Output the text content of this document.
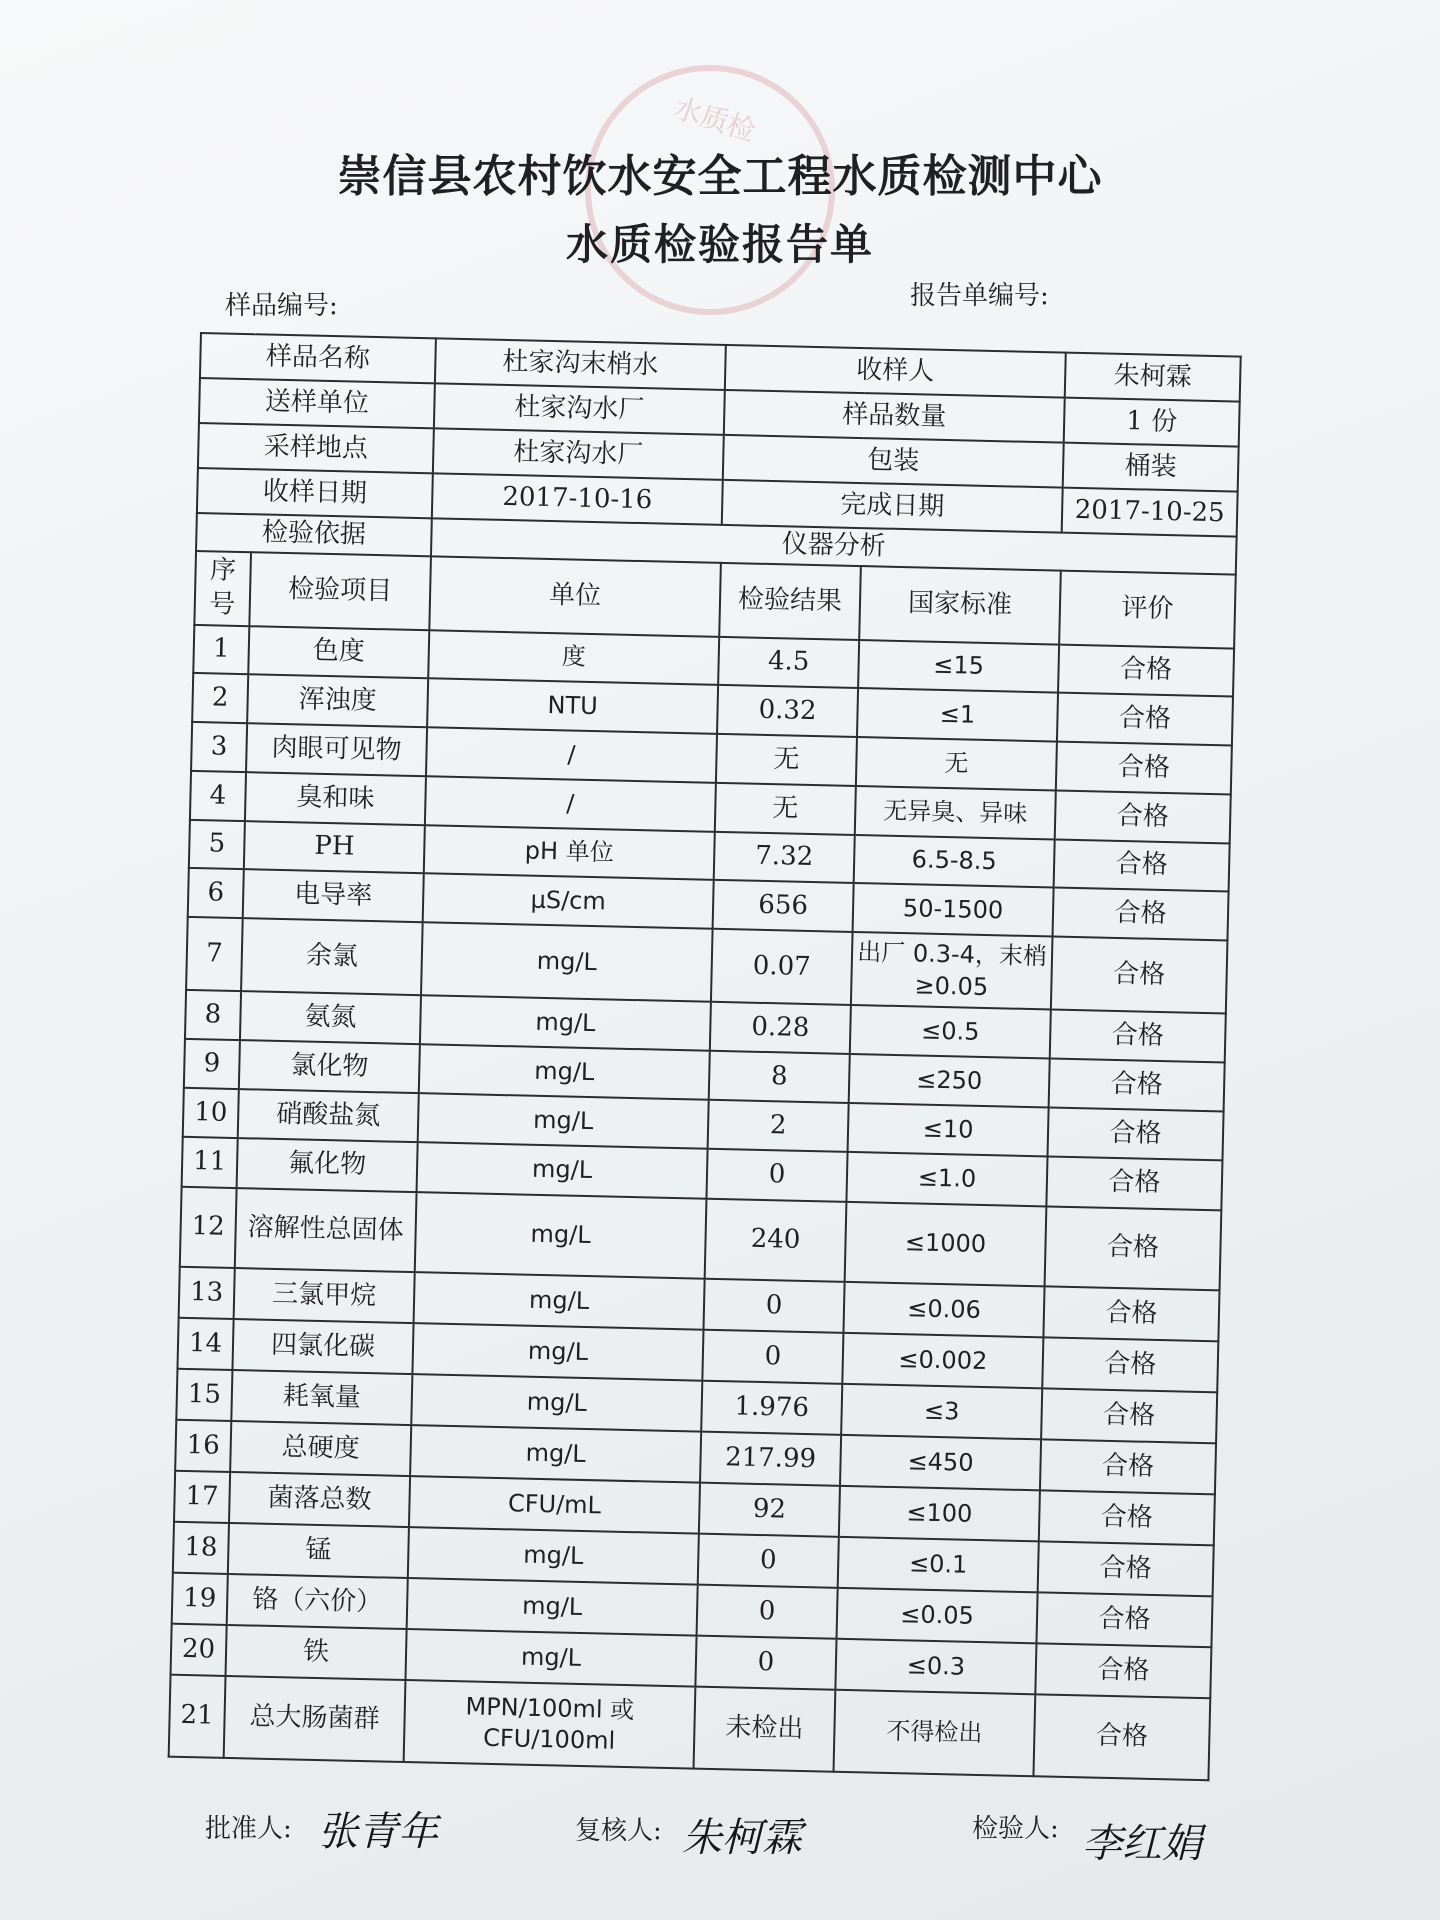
水质检
崇信县农村饮水安全工程水质检测中心
水质检验报告单
样品编号:	报告单编号:
样品名称		杜家沟末梢水	收样人		朱柯霖
送样单位		杜家沟水厂	样品数量		1 份
采样地点		杜家沟水厂	包装		桶装
收样日期		2017-10-16	完成日期		2017-10-25
检验依据		仪器分析			
序号	检验项目	单位	检验结果	国家标准	评价
1	色度	度	4.5	≤15	合格
2	浑浊度	NTU	0.32	≤1	合格
3	肉眼可见物	/	无	无	合格
4	臭和味	/	无	无异臭、异味	合格
5	PH	pH 单位	7.32	6.5-8.5	合格
6	电导率	μS/cm	656	50-1500	合格
7	余氯	mg/L	0.07	出厂 0.3-4，末梢≥0.05	合格
8	氨氮	mg/L	0.28	≤0.5	合格
9	氯化物	mg/L	8	≤250	合格
10	硝酸盐氮	mg/L	2	≤10	合格
11	氟化物	mg/L	0	≤1.0	合格
12	溶解性总固体	mg/L	240	≤1000	合格
13	三氯甲烷	mg/L	0	≤0.06	合格
14	四氯化碳	mg/L	0	≤0.002	合格
15	耗氧量	mg/L	1.976	≤3	合格
16	总硬度	mg/L	217.99	≤450	合格
17	菌落总数	CFU/mL	92	≤100	合格
18	锰	mg/L	0	≤0.1	合格
19	铬（六价）	mg/L	0	≤0.05	合格
20	铁	mg/L	0	≤0.3	合格
21	总大肠菌群	MPN/100ml 或 CFU/100ml	未检出	不得检出	合格
批准人: 张青年	复核人: 朱柯霖	检验人: 李红娟
